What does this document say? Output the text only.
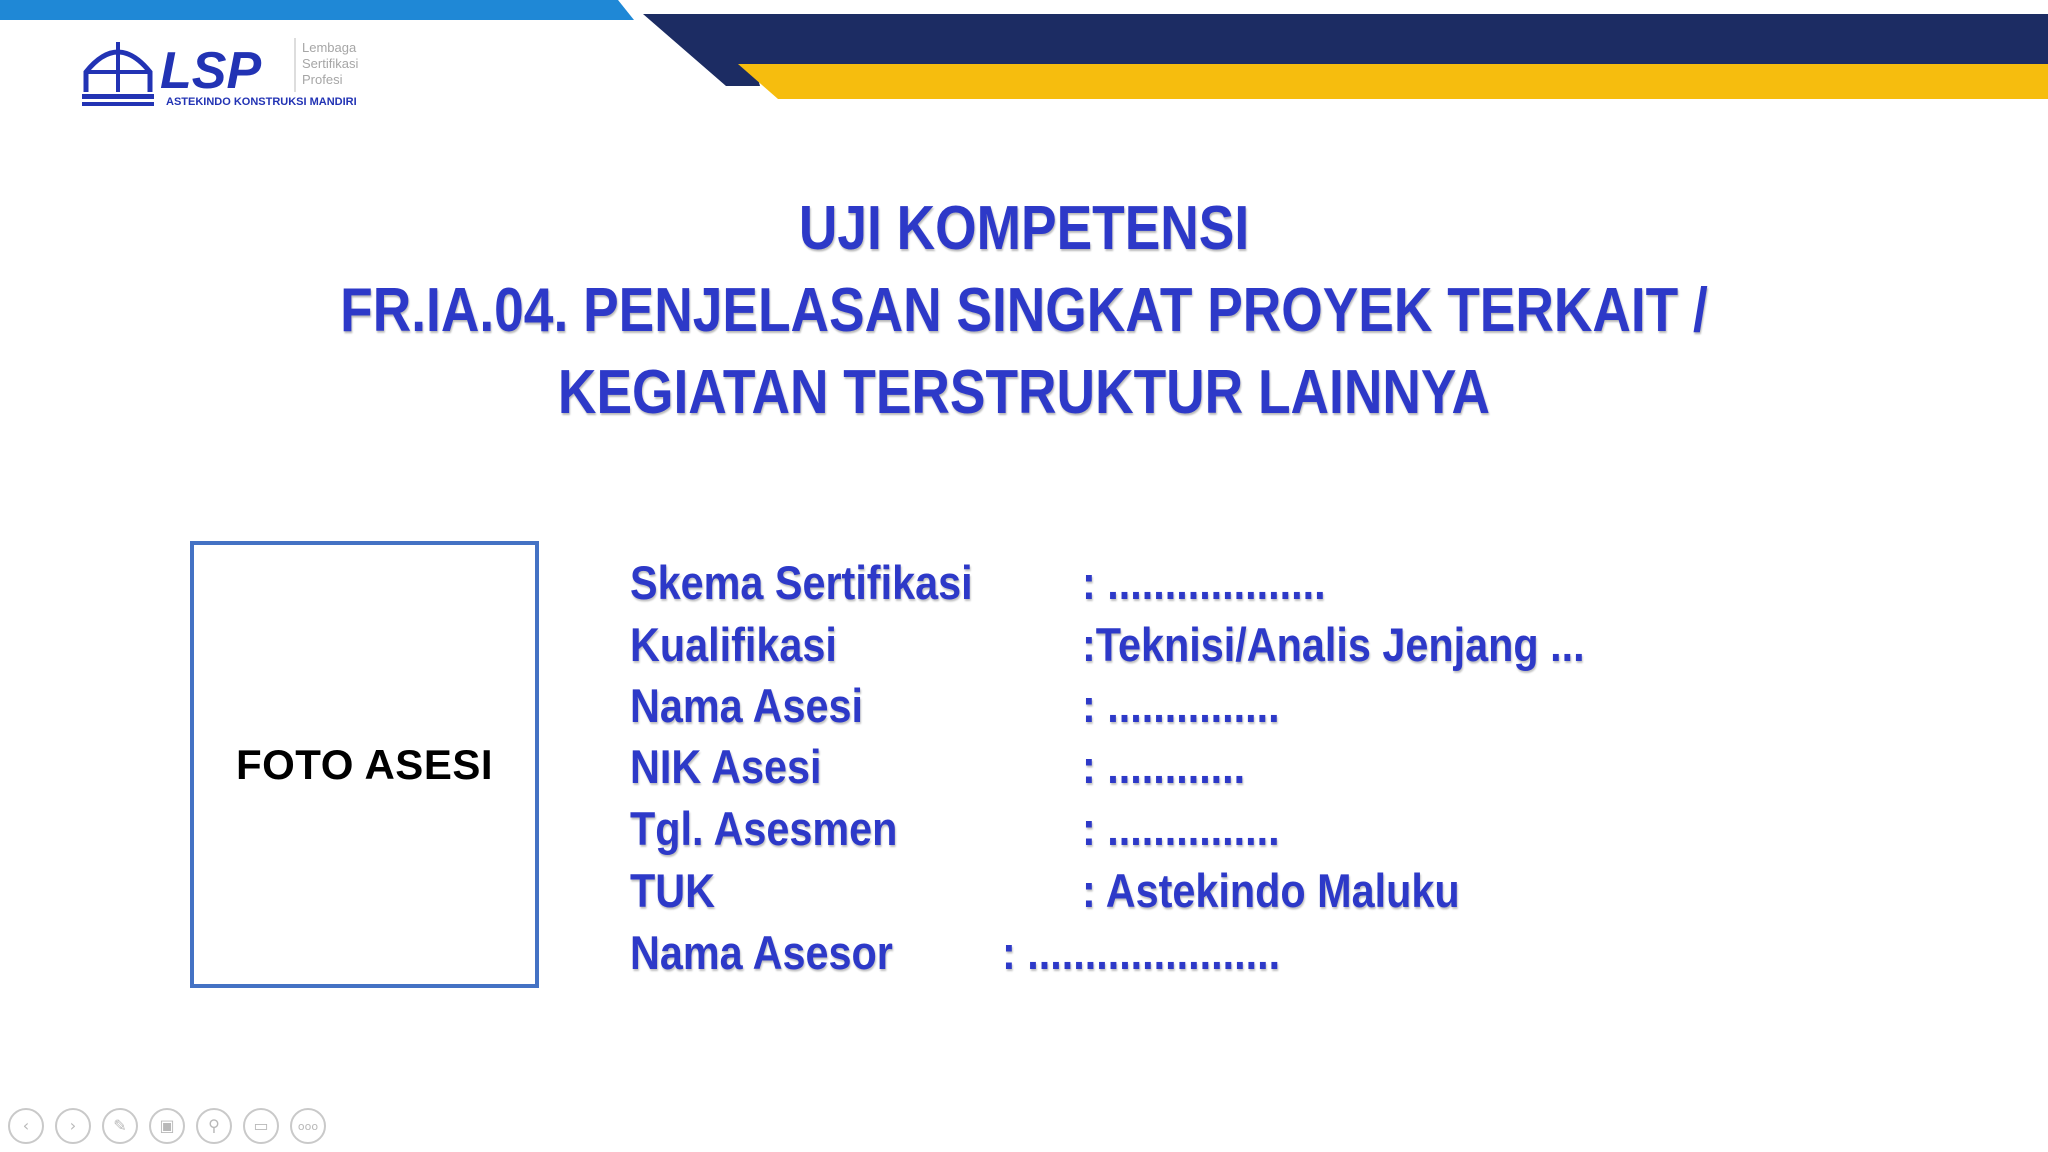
LSP	Lembaga
Sertifikasi
Profesi
ASTEKINDO KONSTRUKSI MANDIRI
UJI KOMPETENSI
FR.IA.04. PENJELASAN SINGKAT PROYEK TERKAIT /
KEGIATAN TERSTRUKTUR LAINNYA
FOTO ASESI
Skema Sertifikasi : ...................
Kualifikasi	:Teknisi/Analis Jenjang ...
Nama Asesi	: ...............
NIK Asesi	: ............
Tgl. Asesmen	: ...............
TUK	: Astekindo Maluku
Nama Asesor : ......................
‹	›	✎	▣	⚲	▭	ooo
